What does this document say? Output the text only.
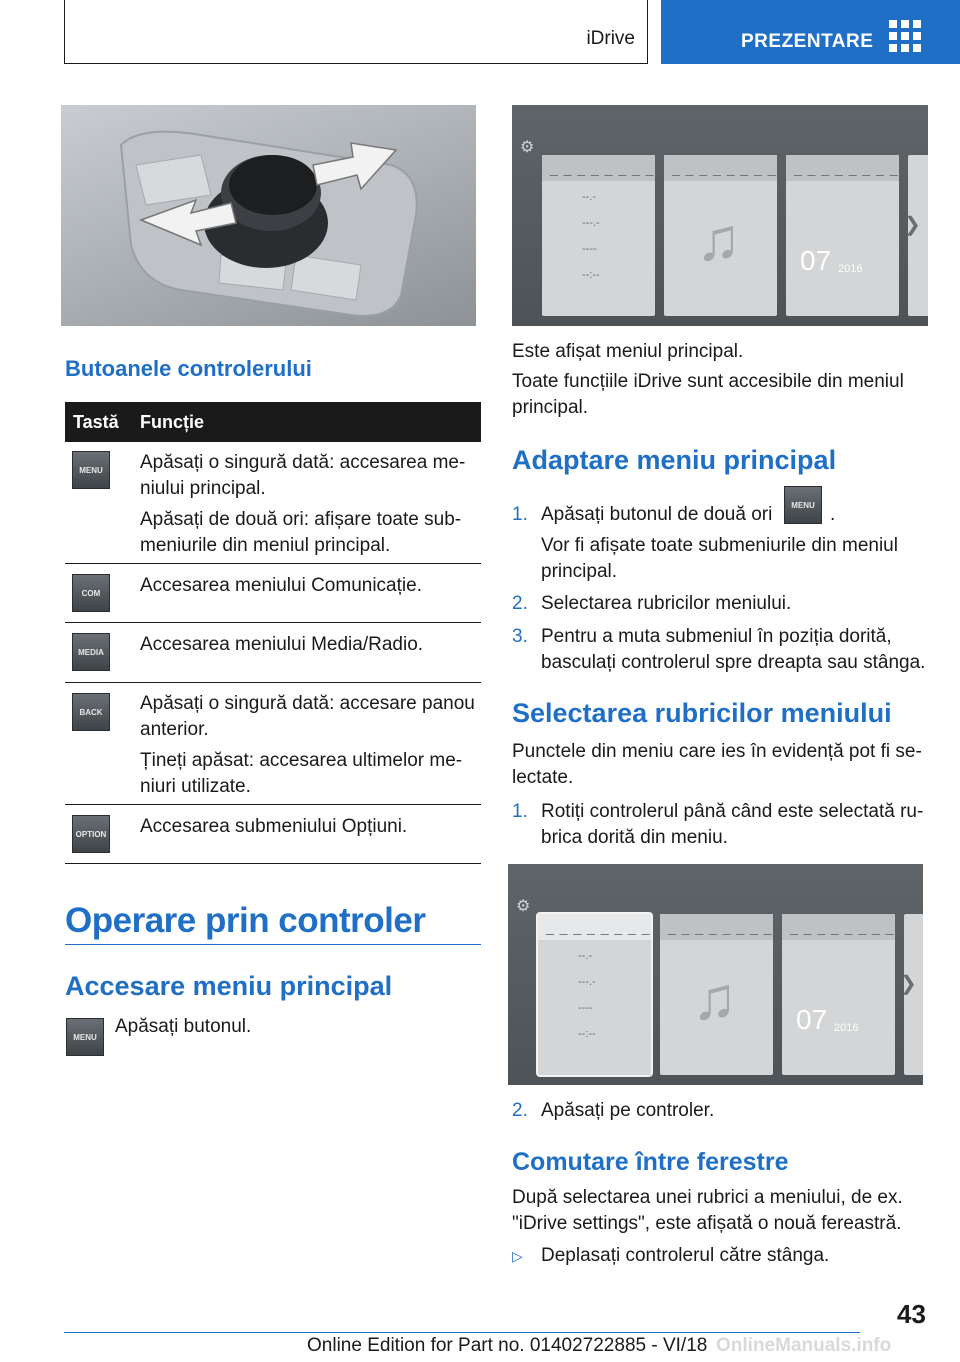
iDrive	PREZENTARE
Butoanele controlerului
Tastă Funcție
MENU	Apăsați o singură dată: accesarea me‐niului principal.
Apăsați de două ori: afișare toate sub‐meniurile din meniul principal.
COM	Accesarea meniului Comunicație.
MEDIA	Accesarea meniului Media/Radio.
BACK	Apăsați o singură dată: accesare panou anterior.
Țineți apăsat: accesarea ultimelor me‐niuri utilizate.
OPTION Accesarea submeniului Opțiuni.
Operare prin controler
Accesare meniu principal
MENU Apăsați butonul.

⚙
_ _ _ _ _ _ _ _
--.-
---.-
----
--:--
_ _ _ _ _ _ _ _
♫
_ _ _ _ _ _ _ _
07 2016
❯

Este afișat meniul principal.

Toate funcțiile iDrive sunt accesibile din meniul principal.

Adaptare meniu principal
1. Apăsați butonul de două ori	MENU .

Vor fi afișate toate submeniurile din meniul principal.

2. Selectarea rubricilor meniului.
3. Pentru a muta submeniul în poziția dorită, basculați controlerul spre dreapta sau stânga.

Selectarea rubricilor meniului

Punctele din meniu care ies în evidență pot fi se‐lectate.

1. Rotiți controlerul până când este selectată ru‐brica dorită din meniu.

⚙
_ _ _ _ _ _ _ _
--.-
---.-
----
--:--
_ _ _ _ _ _ _ _
♫
_ _ _ _ _ _ _ _
07 2016
❯
2. Apăsați pe controler.
Comutare între ferestre

După selectarea unei rubrici a meniului, de ex. "iDrive settings", este afișată o nouă fereastră.

▷ Deplasați controlerul către stânga.
43
Online Edition for Part no. 01402722885 - VI/18 OnlineManuals.info
